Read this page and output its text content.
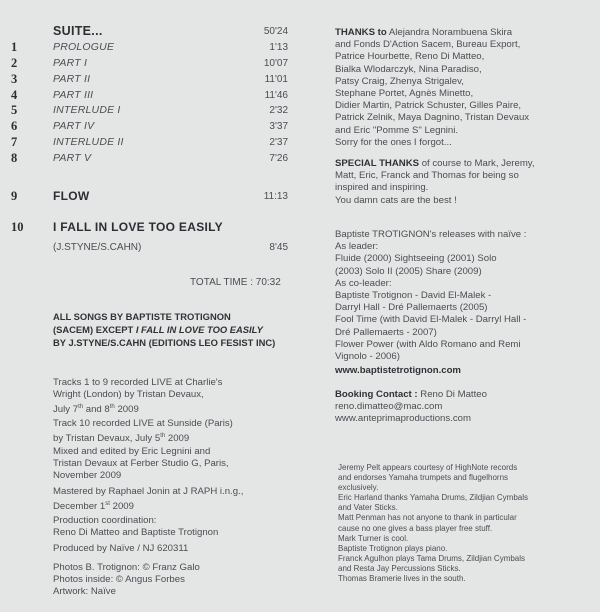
SUITE...	50'24
1	PROLOGUE	1'13
2	PART I	10'07
3	PART II	11'01
4	PART III	11'46
5	INTERLUDE I	2'32
6	PART IV	3'37
7	INTERLUDE II	2'37
8	PART V	7'26
9	FLOW	11:13
10 I FALL IN LOVE TOO EASILY
(J.STYNE/S.CAHN)	8'45
TOTAL TIME : 70:32
ALL SONGS BY BAPTISTE TROTIGNON
(SACEM) EXCEPT I FALL IN LOVE TOO EASILY
BY J.STYNE/S.CAHN (EDITIONS LEO FESIST INC)
Tracks 1 to 9 recorded LIVE at Charlie's
Wright (London) by Tristan Devaux,
July 7th and 8th 2009
Track 10 recorded LIVE at Sunside (Paris)
by Tristan Devaux, July 5th 2009
Mixed and edited by Eric Legnini and
Tristan Devaux at Ferber Studio G, Paris,
November 2009
Mastered by Raphael Jonin at J RAPH i.n.g.,
December 1st 2009
Production coordination:
Reno Di Matteo and Baptiste Trotignon
Produced by Naïve / NJ 620311
Photos B. Trotignon: © Franz Galo
Photos inside: © Angus Forbes
Artwork: Naïve
THANKS to Alejandra Norambuena Skira
and Fonds D'Action Sacem, Bureau Export,
Patrice Hourbette, Reno Di Matteo,
Bialka Wlodarczyk, Nina Paradiso,
Patsy Craig, Zhenya Strigalev,
Stephane Portet, Agnès Minetto,
Didier Martin, Patrick Schuster, Gilles Paire,
Patrick Zelnik, Maya Dagnino, Tristan Devaux
and Eric "Pomme S" Legnini.
Sorry for the ones I forgot...
SPECIAL THANKS of course to Mark, Jeremy,
Matt, Eric, Franck and Thomas for being so
inspired and inspiring.
You damn cats are the best !
Baptiste TROTIGNON's releases with naïve :
As leader:
Fluide (2000) Sightseeing (2001) Solo
(2003) Solo II (2005) Share (2009)
As co-leader:
Baptiste Trotignon - David El-Malek -
Darryl Hall - Dré Pallemaerts (2005)
Fool Time (with David El-Malek - Darryl Hall -
Dré Pallemaerts - 2007)
Flower Power (with Aldo Romano and Remi
Vignolo - 2006)
www.baptistetrotignon.com
Booking Contact : Reno Di Matteo
reno.dimatteo@mac.com
www.anteprimaproductions.com
Jeremy Pelt appears courtesy of HighNote records
and endorses Yamaha trumpets and flugelhorns
exclusively.
Eric Harland thanks Yamaha Drums, Zildjian Cymbals
and Vater Sticks.
Matt Penman has not anyone to thank in particular
cause no one gives a bass player free stuff.
Mark Turner is cool.
Baptiste Trotignon plays piano.
Franck Agulhon plays Tama Drums, Zildjian Cymbals
and Resta Jay Percussions Sticks.
Thomas Bramerie lives in the south.
